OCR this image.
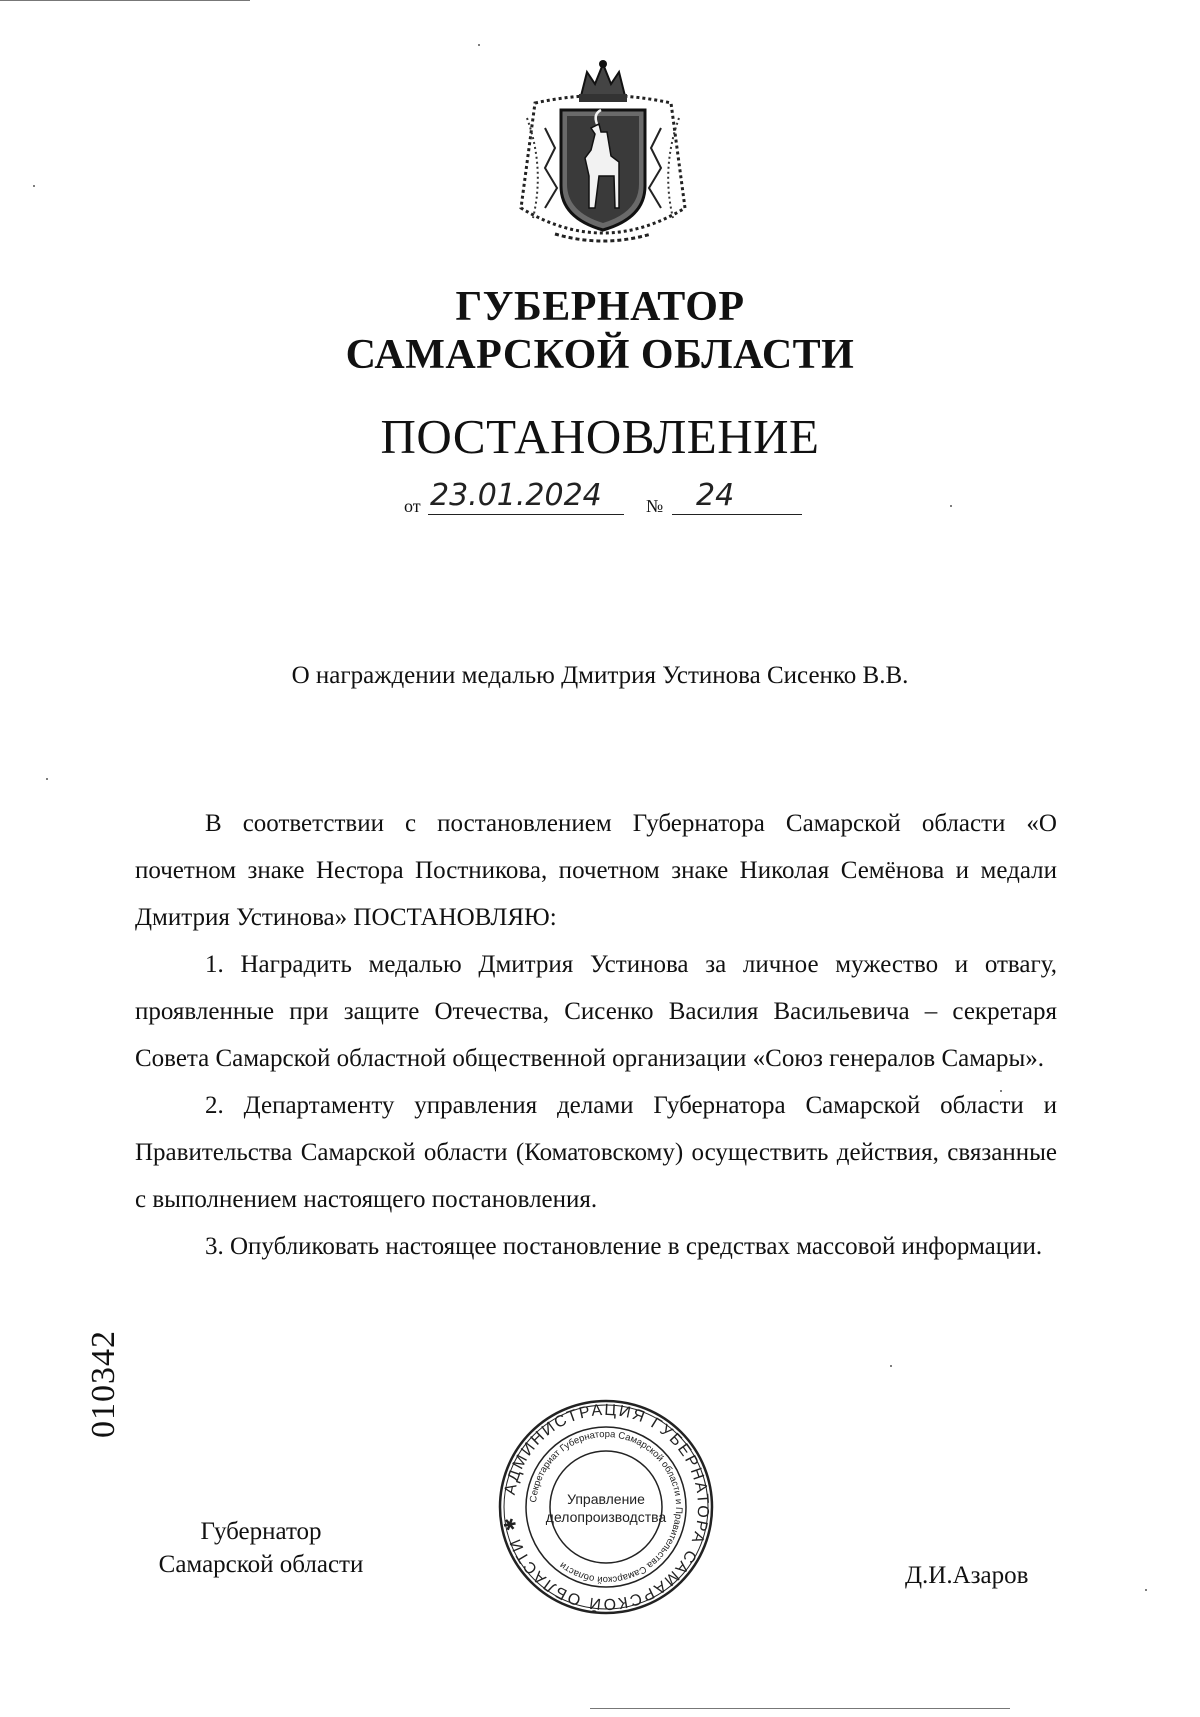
ГУБЕРНАТОР
САМАРСКОЙ ОБЛАСТИ
ПОСТАНОВЛЕНИЕ
от 23.01.2024 № 24
О награждении медалью Дмитрия Устинова Сисенко В.В.

В соответствии с постановлением Губернатора Самарской области «О почетном знаке Нестора Постникова, почетном знаке Николая Семёнова и медали Дмитрия Устинова» ПОСТАНОВЛЯЮ:

1. Наградить медалью Дмитрия Устинова за личное мужество и отвагу, проявленные при защите Отечества, Сисенко Василия Васильевича – секретаря Совета Самарской областной общественной организации «Союз генералов Самары».

2. Департаменту управления делами Губернатора Самарской области и Правительства Самарской области (Коматовскому) осуществить действия, связанные с выполнением настоящего постановления.

3. Опубликовать настоящее постановление в средствах массовой информации.

010342
Губернатор
Самарской области	Д.И.Азаров
АДМИНИСТРАЦИЯ ГУБЕРНАТОРА САМАРСКОЙ ОБЛАСТИ ✱
Секретариат Губернатора Самарской области и Правительства Самарской области
Управление
делопроизводства
